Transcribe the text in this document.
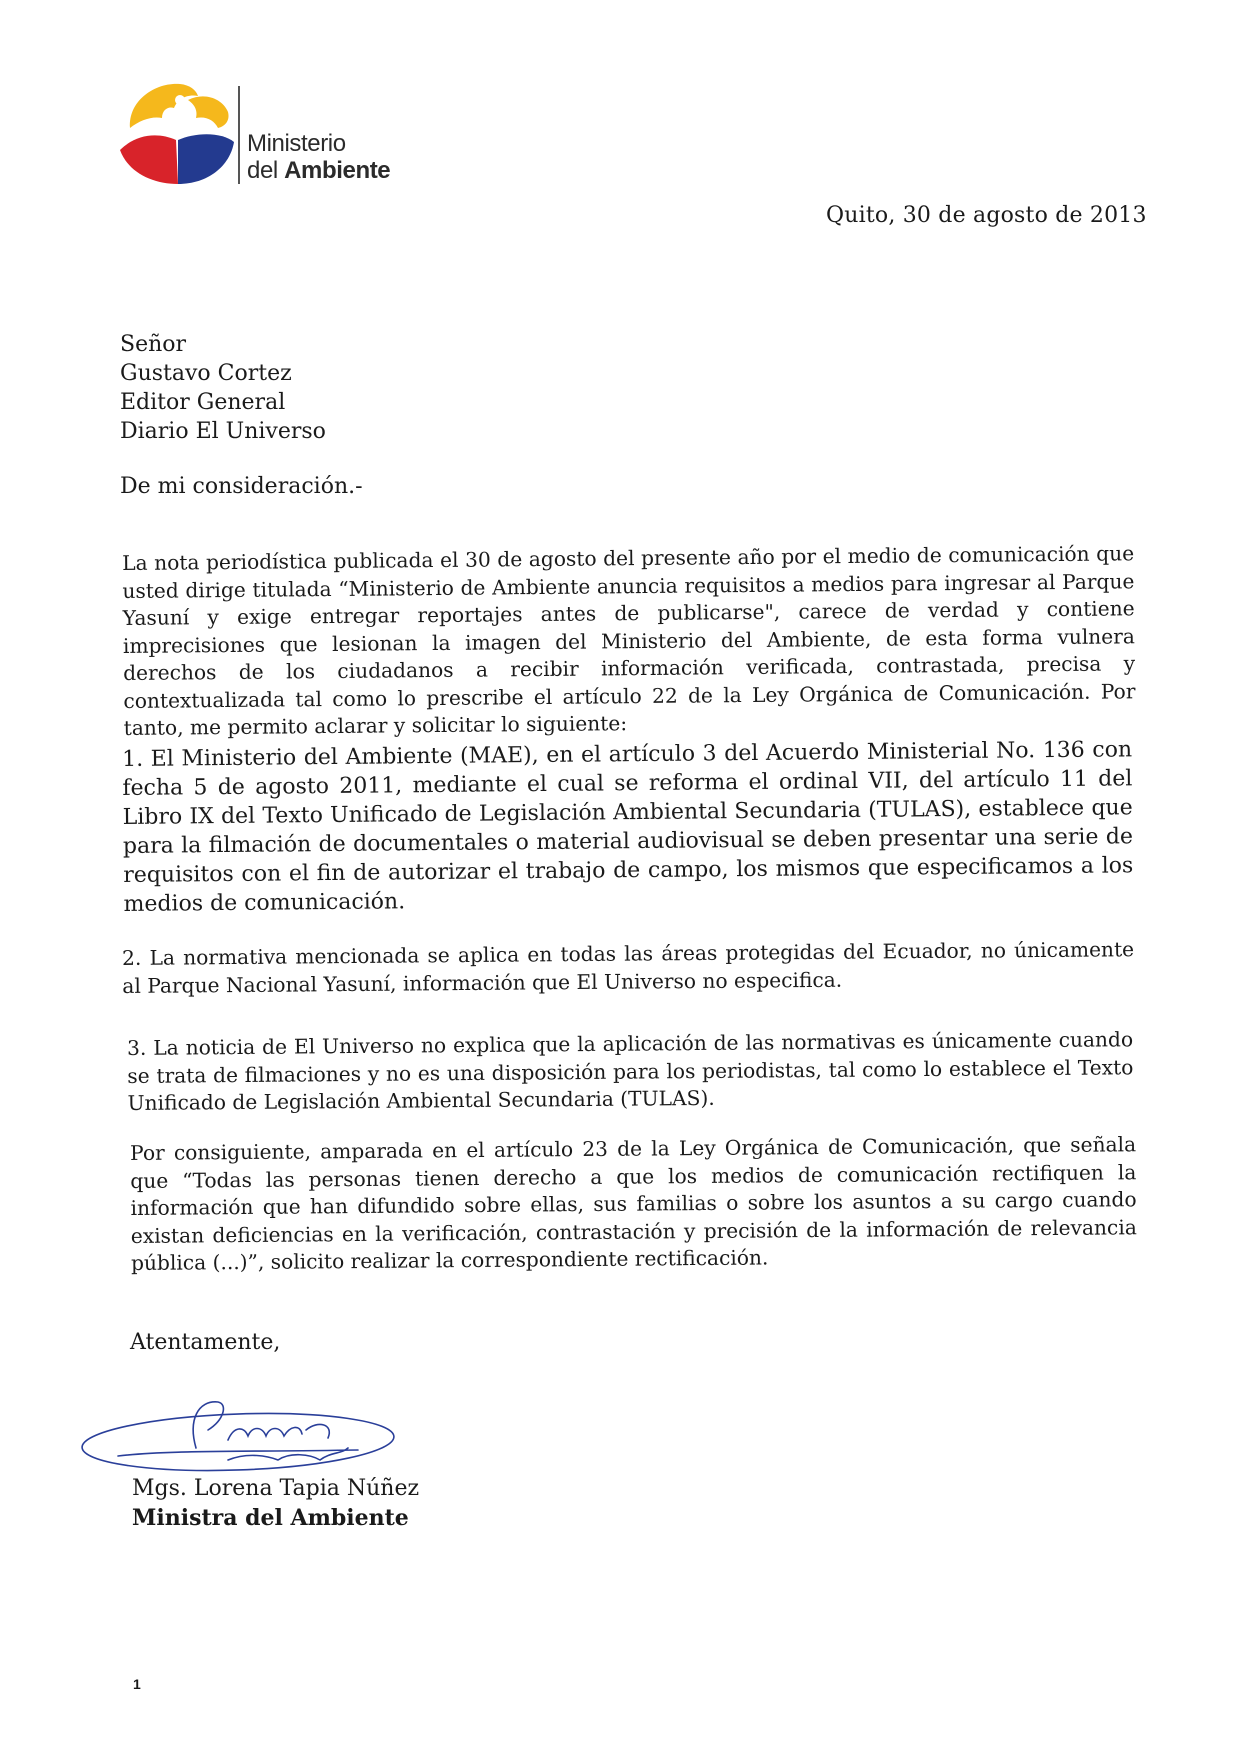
Ministerio
del Ambiente
Quito, 30 de agosto de 2013
Señor
Gustavo Cortez
Editor General
Diario El Universo
De mi consideración.-
La nota periodística publicada el 30 de agosto del presente año por el medio de comunicación que usted dirige titulada “Ministerio de Ambiente anuncia requisitos a medios para ingresar al Parque Yasuní y exige entregar reportajes antes de publicarse", carece de verdad y contiene imprecisiones que lesionan la imagen del Ministerio del Ambiente, de esta forma vulnera derechos de los ciudadanos a recibir información verificada, contrastada, precisa y contextualizada tal como lo prescribe el artículo 22 de la Ley Orgánica de Comunicación. Por tanto, me permito aclarar y solicitar lo siguiente:
1. El Ministerio del Ambiente (MAE), en el artículo 3 del Acuerdo Ministerial No. 136 con fecha 5 de agosto 2011, mediante el cual se reforma el ordinal VII, del artículo 11 del Libro IX del Texto Unificado de Legislación Ambiental Secundaria (TULAS), establece que para la filmación de documentales o material audiovisual se deben presentar una serie de requisitos con el fin de autorizar el trabajo de campo, los mismos que especificamos a los medios de comunicación.
2. La normativa mencionada se aplica en todas las áreas protegidas del Ecuador, no únicamente al Parque Nacional Yasuní, información que El Universo no especifica.
3. La noticia de El Universo no explica que la aplicación de las normativas es únicamente cuando se trata de filmaciones y no es una disposición para los periodistas, tal como lo establece el Texto Unificado de Legislación Ambiental Secundaria (TULAS).
Por consiguiente, amparada en el artículo 23 de la Ley Orgánica de Comunicación, que señala que “Todas las personas tienen derecho a que los medios de comunicación rectifiquen la información que han difundido sobre ellas, sus familias o sobre los asuntos a su cargo cuando existan deficiencias en la verificación, contrastación y precisión de la información de relevancia pública (...)”, solicito realizar la correspondiente rectificación.
Atentamente,
Mgs. Lorena Tapia Núñez
Ministra del Ambiente
1
